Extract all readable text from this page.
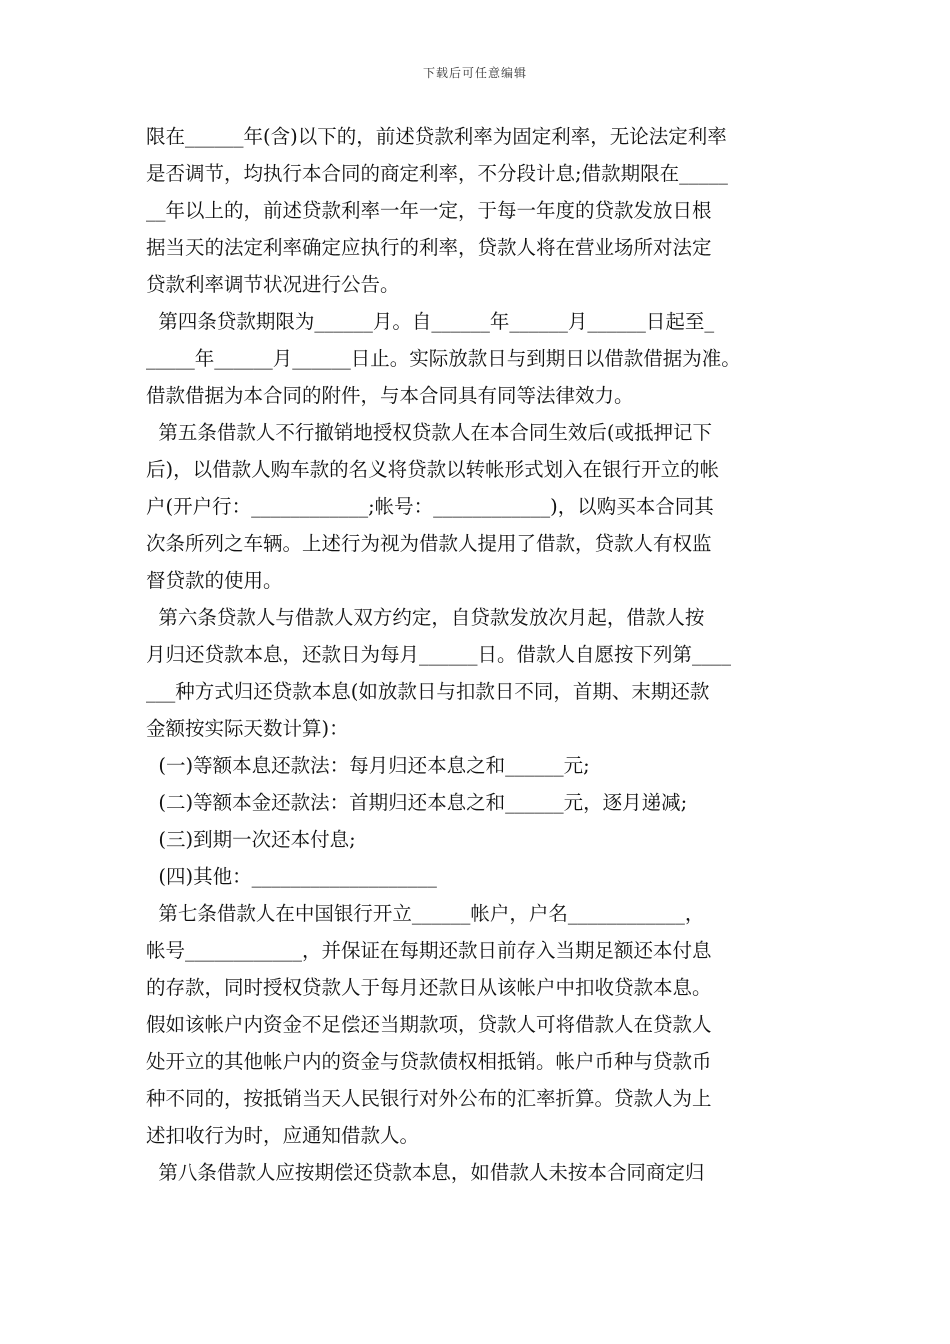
下载后可任意编辑
限在______年(含)以下的，前述贷款利率为固定利率，无论法定利率
是否调节，均执行本合同的商定利率，不分段计息;借款期限在_____
__年以上的，前述贷款利率一年一定，于每一年度的贷款发放日根
据当天的法定利率确定应执行的利率，贷款人将在营业场所对法定
贷款利率调节状况进行公告。
第四条贷款期限为______月。自______年______月______日起至_
_____年______月______日止。实际放款日与到期日以借款借据为准。
借款借据为本合同的附件，与本合同具有同等法律效力。
第五条借款人不行撤销地授权贷款人在本合同生效后(或抵押记下
后)，以借款人购车款的名义将贷款以转帐形式划入在银行开立的帐
户(开户行：____________;帐号：____________)，以购买本合同其
次条所列之车辆。上述行为视为借款人提用了借款，贷款人有权监
督贷款的使用。
第六条贷款人与借款人双方约定，自贷款发放次月起，借款人按
月归还贷款本息，还款日为每月______日。借款人自愿按下列第____
___种方式归还贷款本息(如放款日与扣款日不同，首期、末期还款
金额按实际天数计算)：
(一)等额本息还款法：每月归还本息之和______元;
(二)等额本金还款法：首期归还本息之和______元，逐月递减;
(三)到期一次还本付息;
(四)其他：___________________
第七条借款人在中国银行开立______帐户，户名____________，
帐号____________，并保证在每期还款日前存入当期足额还本付息
的存款，同时授权贷款人于每月还款日从该帐户中扣收贷款本息。
假如该帐户内资金不足偿还当期款项，贷款人可将借款人在贷款人
处开立的其他帐户内的资金与贷款债权相抵销。帐户币种与贷款币
种不同的，按抵销当天人民银行对外公布的汇率折算。贷款人为上
述扣收行为时，应通知借款人。
第八条借款人应按期偿还贷款本息，如借款人未按本合同商定归
